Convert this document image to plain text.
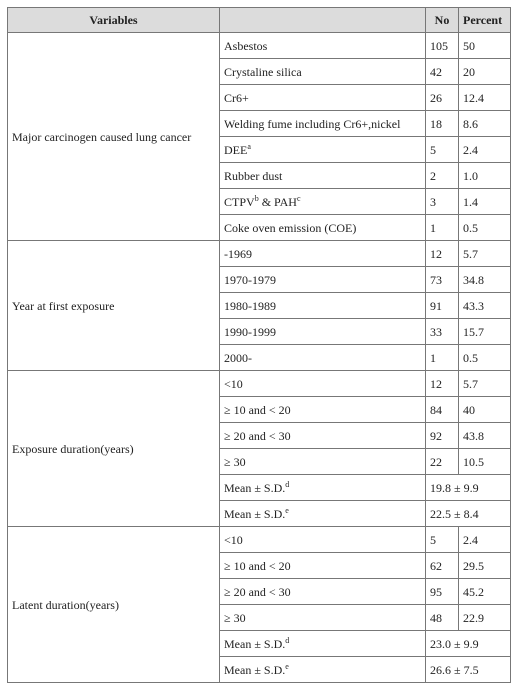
Variables		No	Percent
Major carcinogen caused lung cancer	Asbestos	105	50
	Crystaline silica	42	20
	Cr6+	26	12.4
	Welding fume including Cr6+,nickel	18	8.6
	DEE$^a$	5	2.4
	Rubber dust	2	1.0
	CTPV$^b$ & PAH$^c$	3	1.4
	Coke oven emission (COE)	1	0.5
Year at first exposure	-1969	12	5.7
	1970-1979	73	34.8
	1980-1989	91	43.3
	1990-1999	33	15.7
	2000-	1	0.5
Exposure duration(years)	<10	12	5.7
	≥ 10 and < 20	84	40
	≥ 20 and < 30	92	43.8
	≥ 30	22	10.5
	Mean ± S.D.$^d$	19.8 ± 9.9	
	Mean ± S.D.$^e$	22.5 ± 8.4	
Latent duration(years)	<10	5	2.4
	≥ 10 and < 20	62	29.5
	≥ 20 and < 30	95	45.2
	≥ 30	48	22.9
	Mean ± S.D.$^d$	23.0 ± 9.9	
	Mean ± S.D.$^e$	26.6 ± 7.5	
